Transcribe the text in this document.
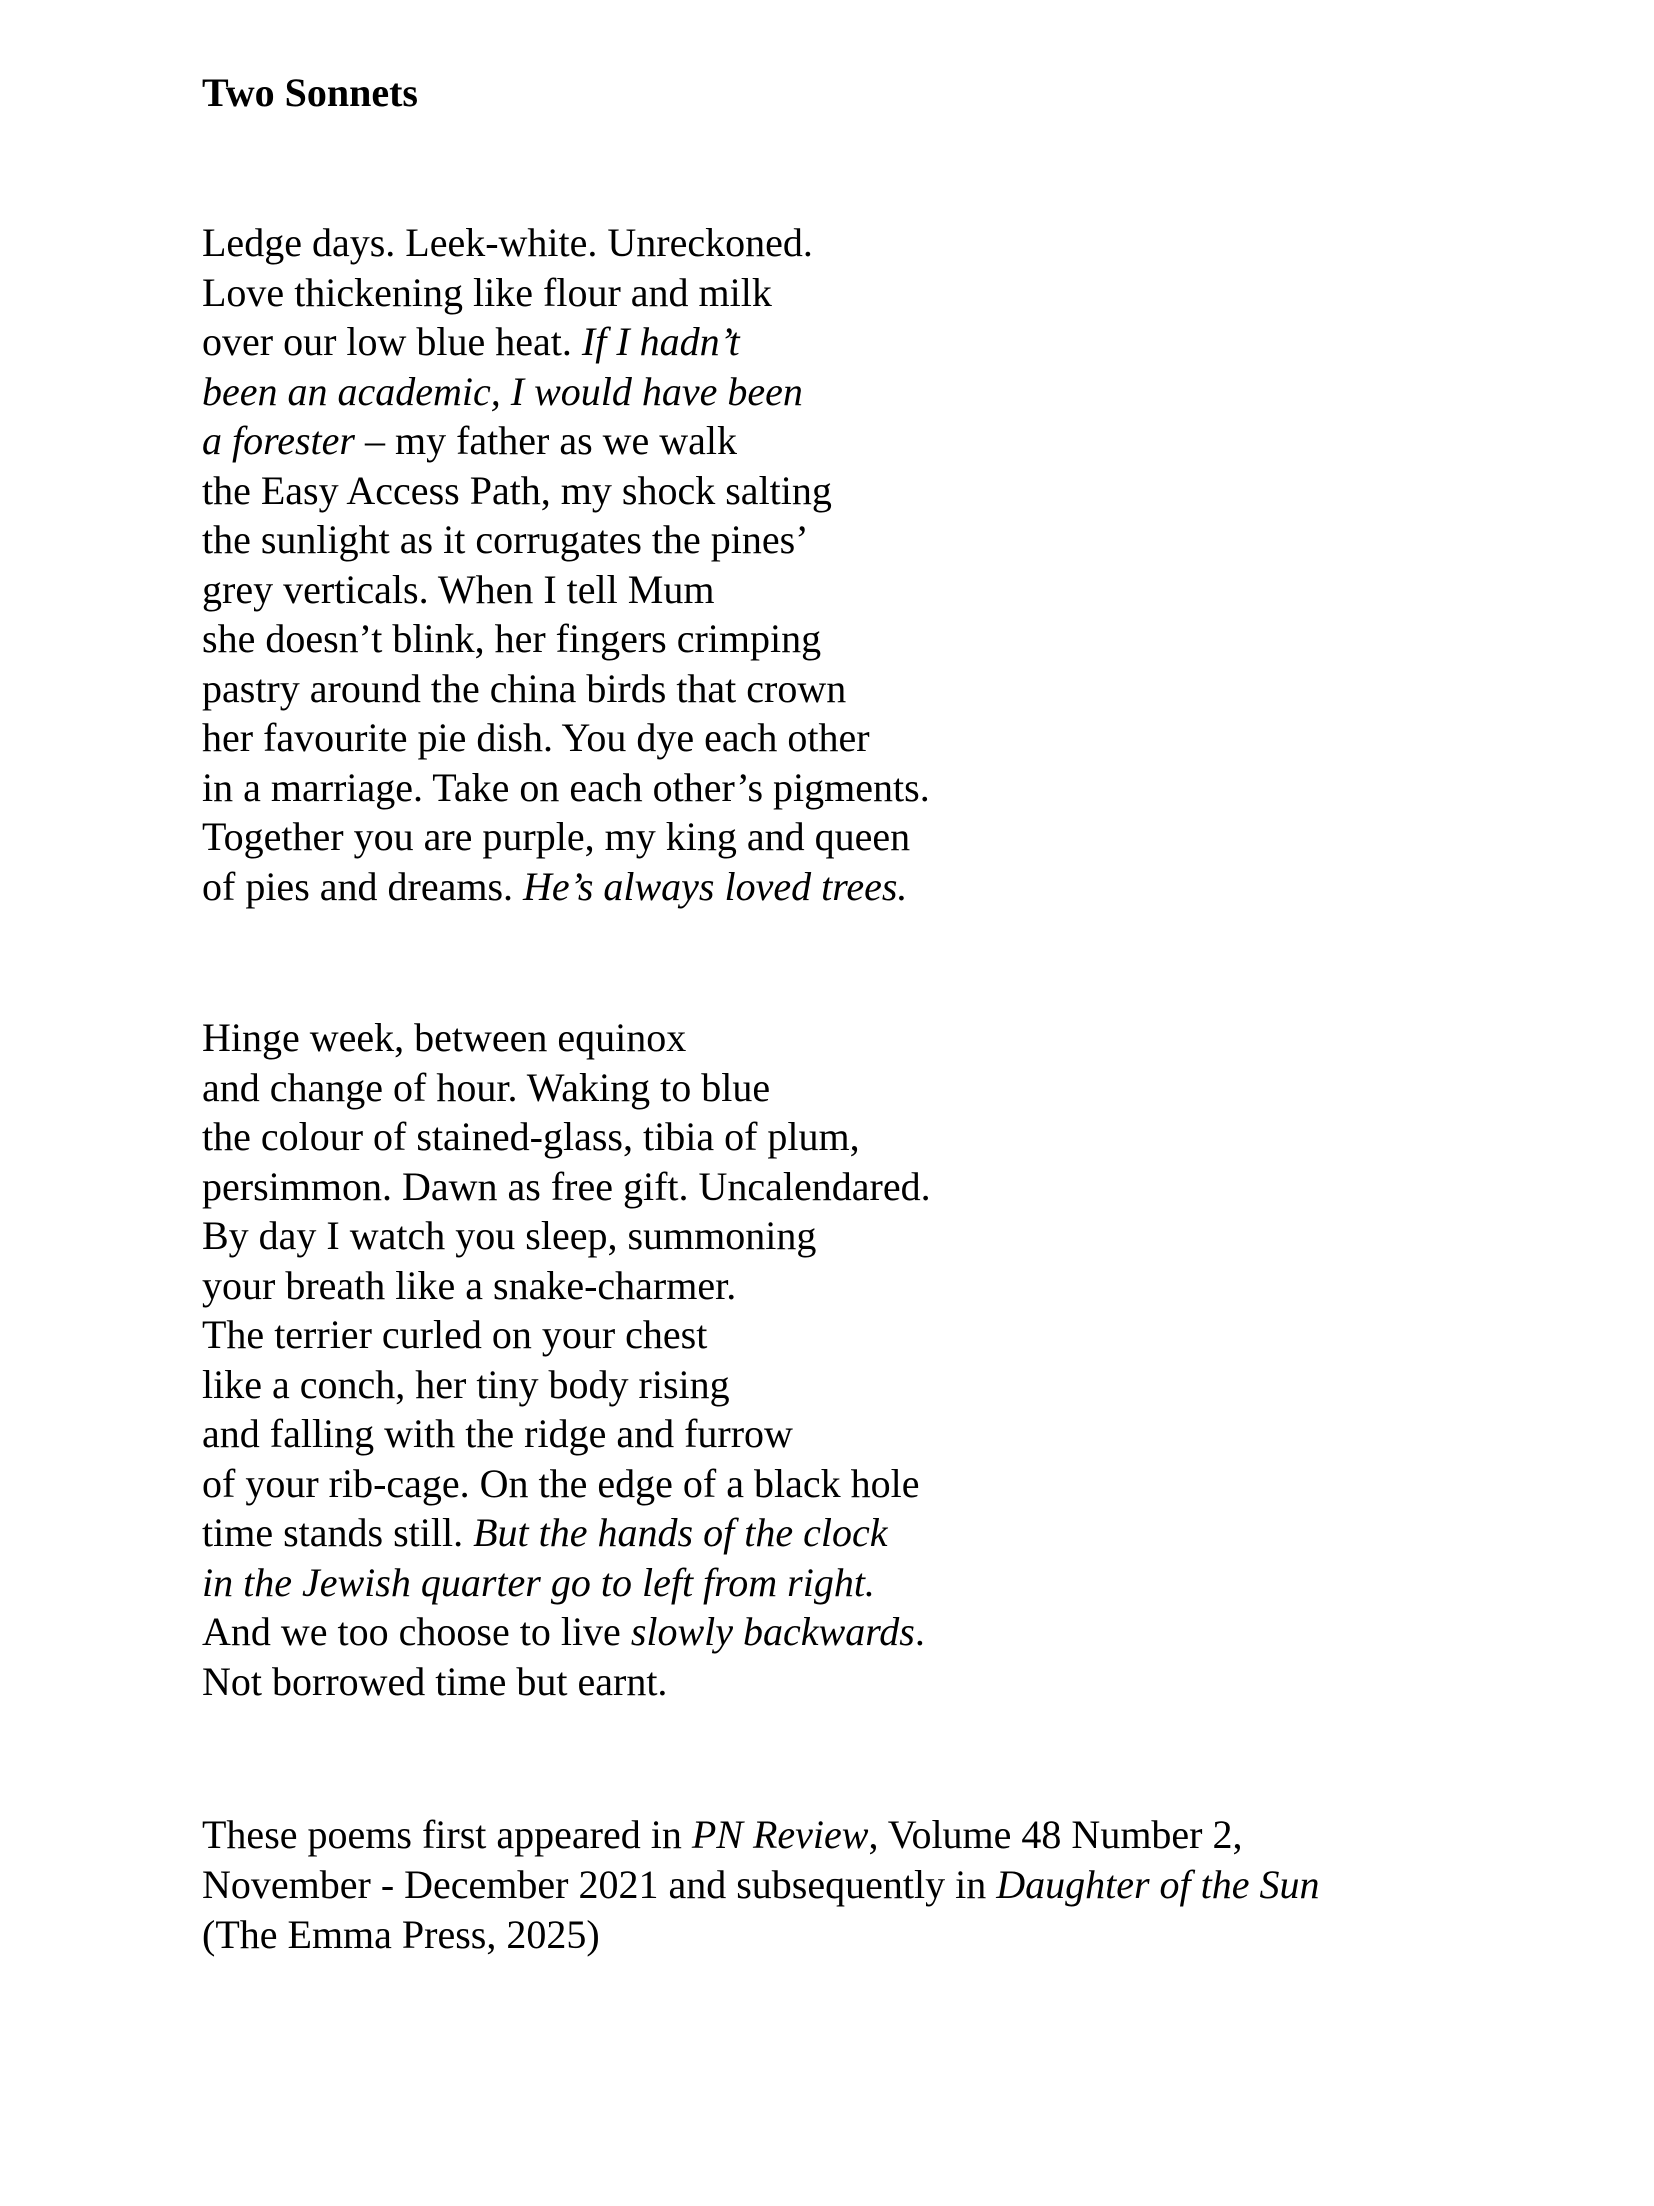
Two Sonnets
Ledge days. Leek-white. Unreckoned.
Love thickening like flour and milk
over our low blue heat. If I hadn’t
been an academic, I would have been
a forester – my father as we walk
the Easy Access Path, my shock salting
the sunlight as it corrugates the pines’
grey verticals. When I tell Mum
she doesn’t blink, her fingers crimping
pastry around the china birds that crown
her favourite pie dish. You dye each other
in a marriage. Take on each other’s pigments.
Together you are purple, my king and queen
of pies and dreams. He’s always loved trees.
Hinge week, between equinox
and change of hour. Waking to blue
the colour of stained-glass, tibia of plum,
persimmon. Dawn as free gift. Uncalendared.
By day I watch you sleep, summoning
your breath like a snake-charmer.
The terrier curled on your chest
like a conch, her tiny body rising
and falling with the ridge and furrow
of your rib-cage. On the edge of a black hole
time stands still. But the hands of the clock
in the Jewish quarter go to left from right.
And we too choose to live slowly backwards.
Not borrowed time but earnt.
These poems first appeared in PN Review, Volume 48 Number 2,
November - December 2021 and subsequently in Daughter of the Sun
(The Emma Press, 2025)
